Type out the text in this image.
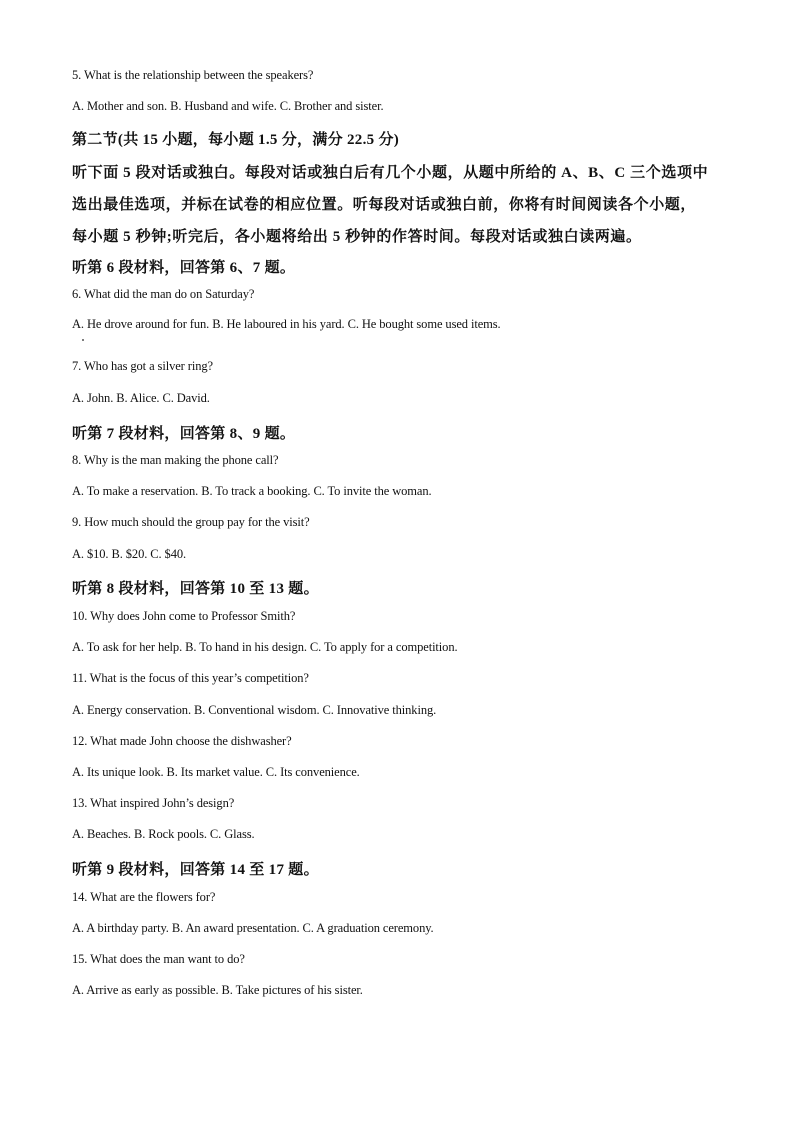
5. What is the relationship between the speakers?
A. Mother and son. B. Husband and wife. C. Brother and sister.
第二节(共 15 小题，每小题 1.5 分，满分 22.5 分)
听下面 5 段对话或独白。每段对话或独白后有几个小题，从题中所给的 A、B、C 三个选项中
选出最佳选项，并标在试卷的相应位置。听每段对话或独白前，你将有时间阅读各个小题，
每小题 5 秒钟;听完后，各小题将给出 5 秒钟的作答时间。每段对话或独白读两遍。
听第 6 段材料，回答第 6、7 题。
6. What did the man do on Saturday?
A. He drove around for fun. B. He laboured in his yard. C. He bought some used items.
7. Who has got a silver ring?
A. John. B. Alice. C. David.
听第 7 段材料，回答第 8、9 题。
8. Why is the man making the phone call?
A. To make a reservation. B. To track a booking. C. To invite the woman.
9. How much should the group pay for the visit?
A. $10. B. $20. C. $40.
听第 8 段材料，回答第 10 至 13 题。
10. Why does John come to Professor Smith?
A. To ask for her help. B. To hand in his design. C. To apply for a competition.
11. What is the focus of this year’s competition?
A. Energy conservation. B. Conventional wisdom. C. Innovative thinking.
12. What made John choose the dishwasher?
A. Its unique look. B. Its market value. C. Its convenience.
13. What inspired John’s design?
A. Beaches. B. Rock pools. C. Glass.
听第 9 段材料，回答第 14 至 17 题。
14. What are the flowers for?
A. A birthday party. B. An award presentation. C. A graduation ceremony.
15. What does the man want to do?
A. Arrive as early as possible. B. Take pictures of his sister.
